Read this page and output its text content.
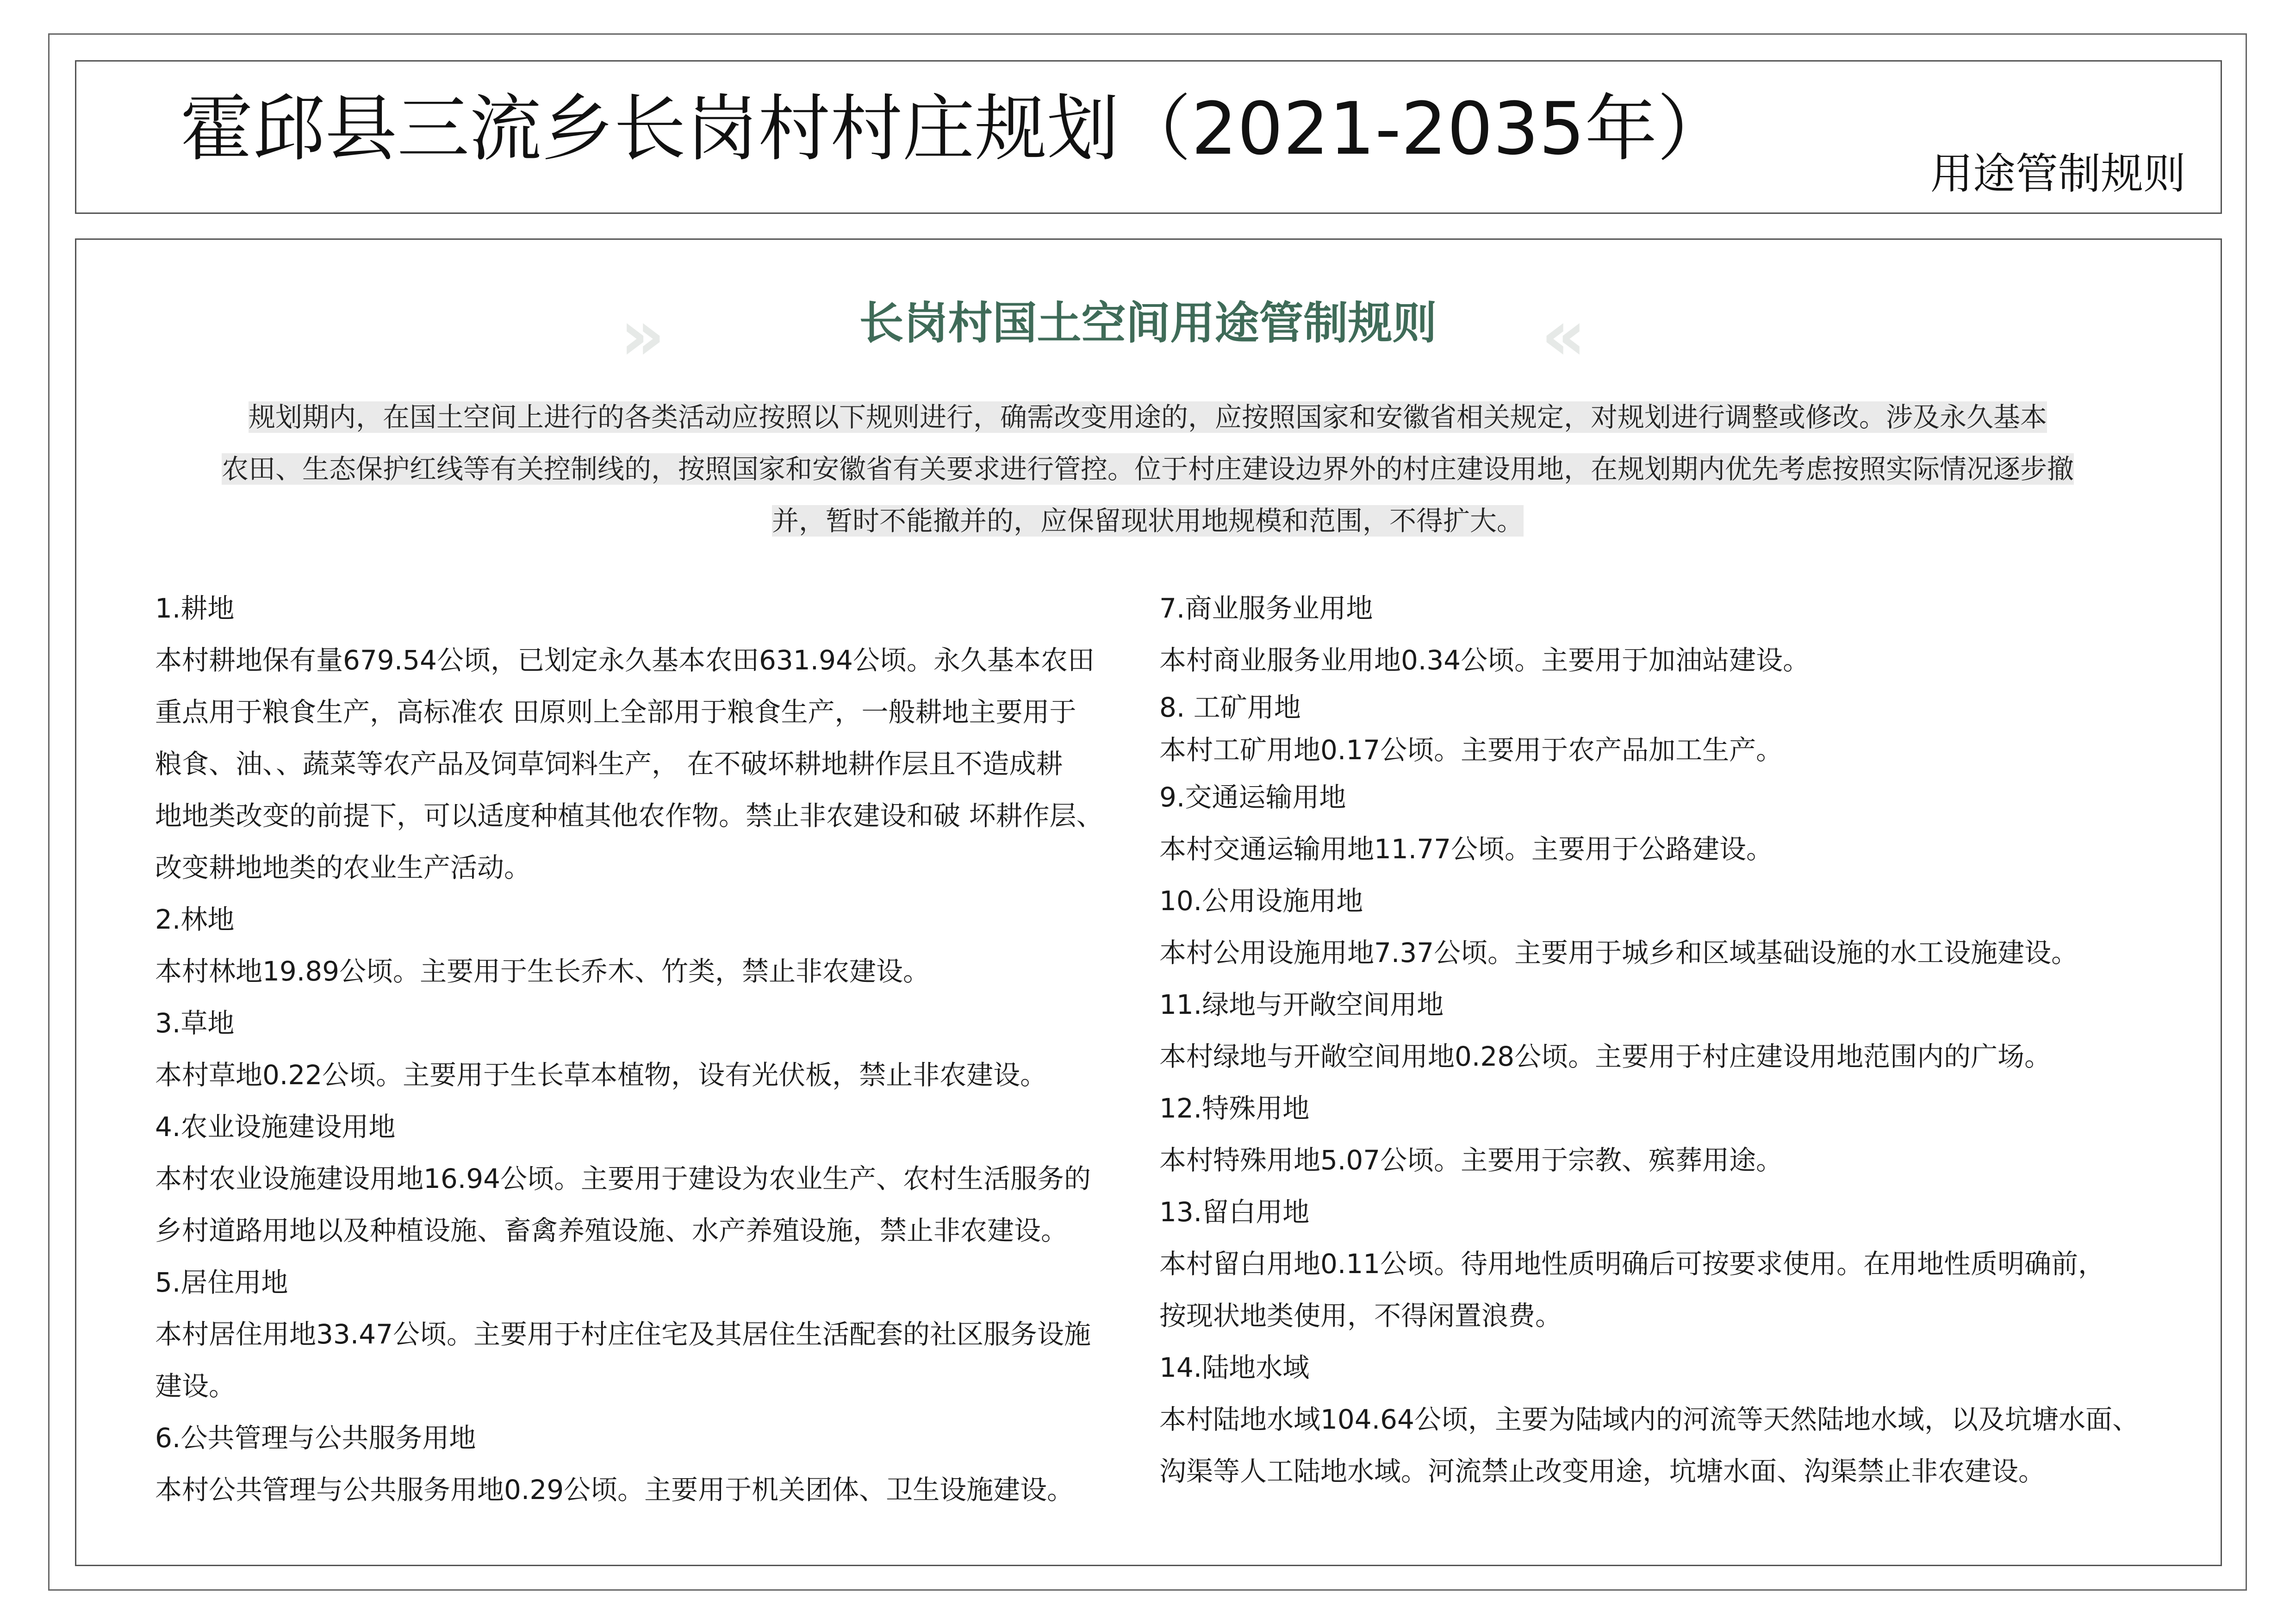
霍邱县三流乡长岗村村庄规划（2021-2035年）
用途管制规则
»	长岗村国土空间用途管制规则	«
规划期内，在国土空间上进行的各类活动应按照以下规则进行，确需改变用途的，应按照国家和安徽省相关规定，对规划进行调整或修改。涉及永久基本
农田、生态保护红线等有关控制线的，按照国家和安徽省有关要求进行管控。位于村庄建设边界外的村庄建设用地，在规划期内优先考虑按照实际情况逐步撤
并，暂时不能撤并的，应保留现状用地规模和范围，不得扩大。
1.耕地
本村耕地保有量679.54公顷，已划定永久基本农田631.94公顷。永久基本农田
重点用于粮食生产，高标准农 田原则上全部用于粮食生产，一般耕地主要用于
粮食、油、、蔬菜等农产品及饲草饲料生产， 在不破坏耕地耕作层且不造成耕
地地类改变的前提下，可以适度种植其他农作物。禁止非农建设和破 坏耕作层、
改变耕地地类的农业生产活动。
2.林地
本村林地19.89公顷。主要用于生长乔木、竹类，禁止非农建设。
3.草地
本村草地0.22公顷。主要用于生长草本植物，设有光伏板，禁止非农建设。
4.农业设施建设用地
本村农业设施建设用地16.94公顷。主要用于建设为农业生产、农村生活服务的
乡村道路用地以及种植设施、畜禽养殖设施、水产养殖设施，禁止非农建设。
5.居住用地
本村居住用地33.47公顷。主要用于村庄住宅及其居住生活配套的社区服务设施
建设。
6.公共管理与公共服务用地
本村公共管理与公共服务用地0.29公顷。主要用于机关团体、卫生设施建设。
7.商业服务业用地
本村商业服务业用地0.34公顷。主要用于加油站建设。
8. 工矿用地
本村工矿用地0.17公顷。主要用于农产品加工生产。
9.交通运输用地
本村交通运输用地11.77公顷。主要用于公路建设。
10.公用设施用地
本村公用设施用地7.37公顷。主要用于城乡和区域基础设施的水工设施建设。
11.绿地与开敞空间用地
本村绿地与开敞空间用地0.28公顷。主要用于村庄建设用地范围内的广场。
12.特殊用地
本村特殊用地5.07公顷。主要用于宗教、殡葬用途。
13.留白用地
本村留白用地0.11公顷。待用地性质明确后可按要求使用。在用地性质明确前，
按现状地类使用，不得闲置浪费。
14.陆地水域
本村陆地水域104.64公顷，主要为陆域内的河流等天然陆地水域，以及坑塘水面、
沟渠等人工陆地水域。河流禁止改变用途，坑塘水面、沟渠禁止非农建设。
